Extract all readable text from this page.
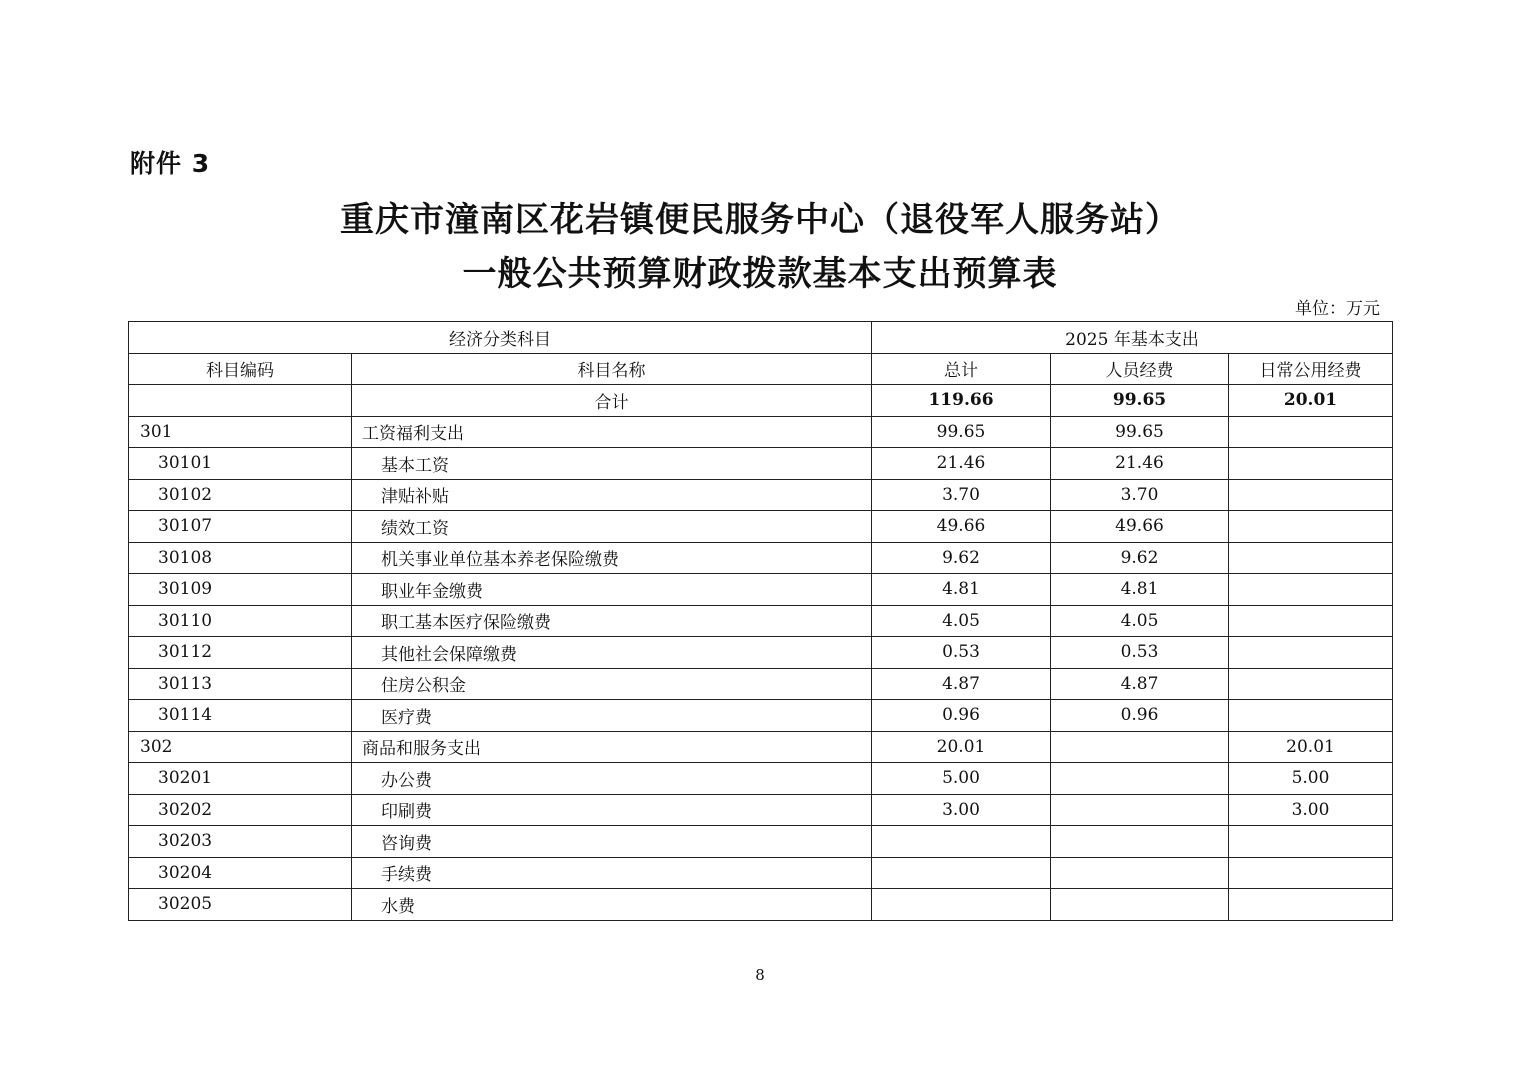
附件 3
重庆市潼南区花岩镇便民服务中心（退役军人服务站）
一般公共预算财政拨款基本支出预算表
单位：万元
经济分类科目		2025 年基本支出		
科目编码	科目名称	总计	人员经费	日常公用经费
	合计	119.66	99.65	20.01
301	工资福利支出	99.65	99.65	
30101	基本工资	21.46	21.46	
30102	津贴补贴	3.70	3.70	
30107	绩效工资	49.66	49.66	
30108	机关事业单位基本养老保险缴费	9.62	9.62	
30109	职业年金缴费	4.81	4.81	
30110	职工基本医疗保险缴费	4.05	4.05	
30112	其他社会保障缴费	0.53	0.53	
30113	住房公积金	4.87	4.87	
30114	医疗费	0.96	0.96	
302	商品和服务支出	20.01		20.01
30201	办公费	5.00		5.00
30202	印刷费	3.00		3.00
30203	咨询费			
30204	手续费			
30205	水费			
8
